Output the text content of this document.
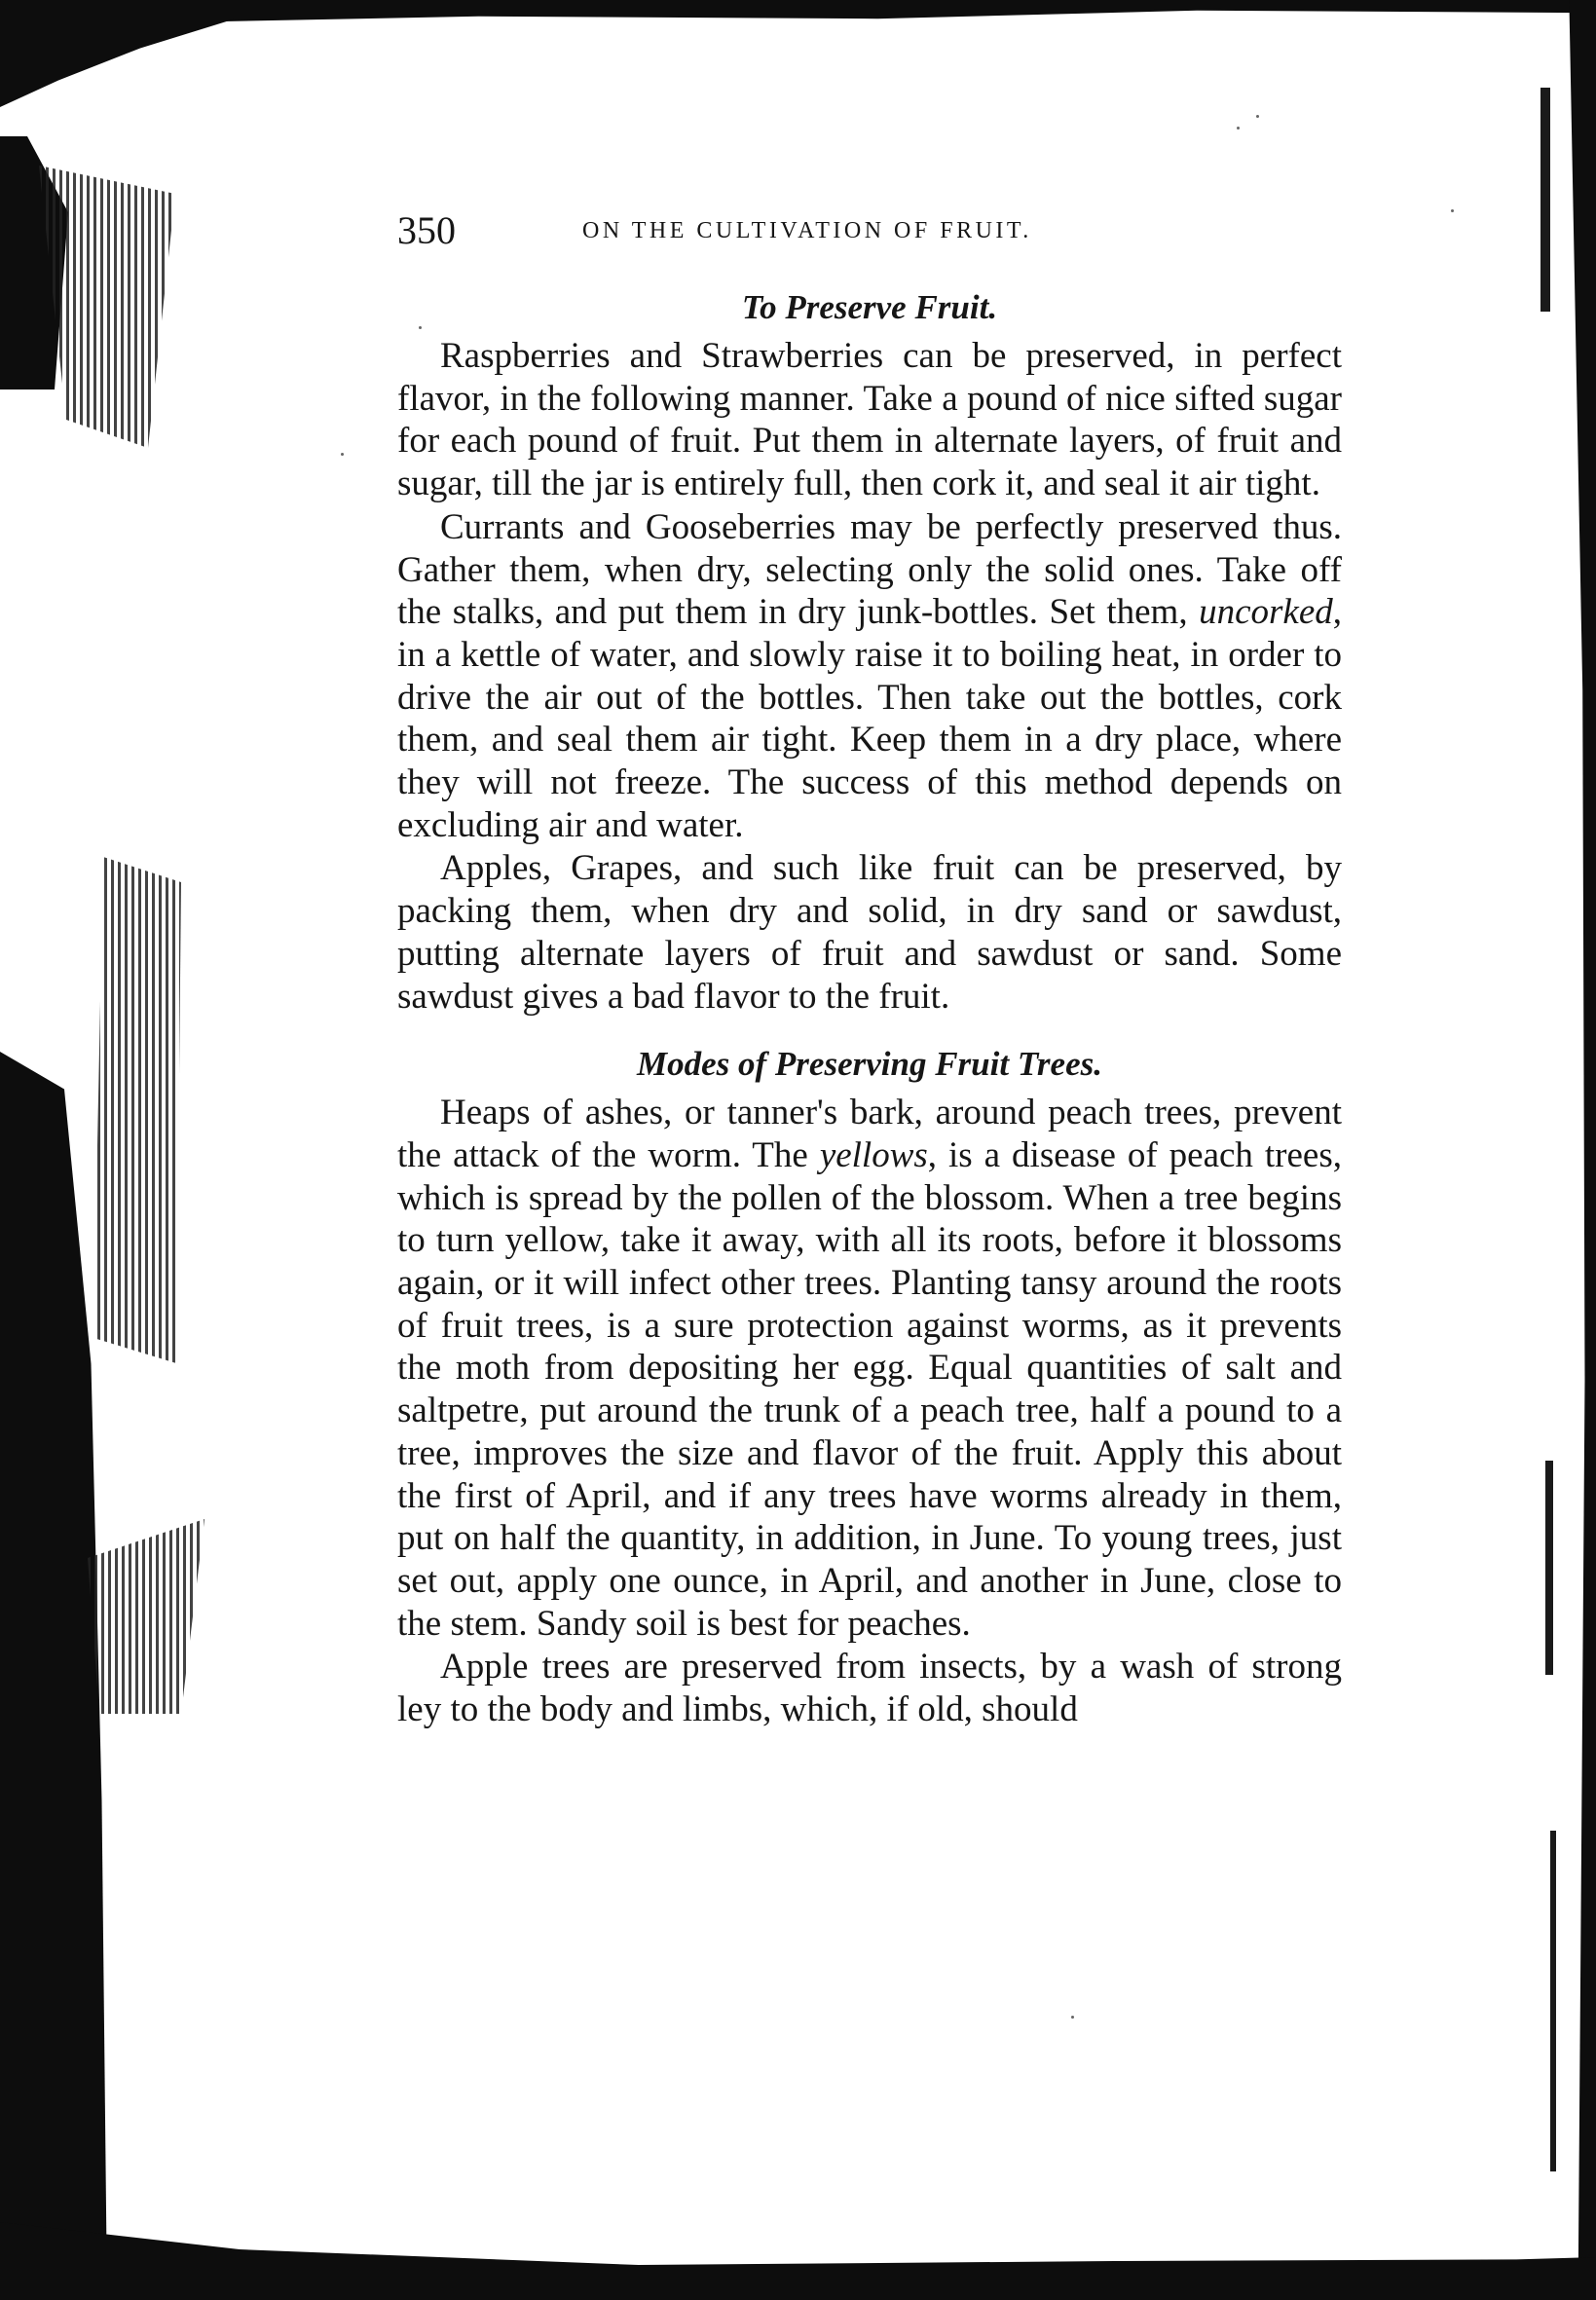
350	ON THE CULTIVATION OF FRUIT.
To Preserve Fruit.

Raspberries and Strawberries can be preserved, in perfect flavor, in the following manner. Take a pound of nice sifted sugar for each pound of fruit. Put them in alternate layers, of fruit and sugar, till the jar is entirely full, then cork it, and seal it air tight.

Currants and Gooseberries may be perfectly preserved thus. Gather them, when dry, selecting only the solid ones. Take off the stalks, and put them in dry junk-bottles. Set them, uncorked, in a kettle of water, and slowly raise it to boiling heat, in order to drive the air out of the bottles. Then take out the bottles, cork them, and seal them air tight. Keep them in a dry place, where they will not freeze. The success of this method depends on excluding air and water.

Apples, Grapes, and such like fruit can be preserved, by packing them, when dry and solid, in dry sand or sawdust, putting alternate layers of fruit and sawdust or sand. Some sawdust gives a bad flavor to the fruit.

Modes of Preserving Fruit Trees.

Heaps of ashes, or tanner's bark, around peach trees, prevent the attack of the worm. The yellows, is a disease of peach trees, which is spread by the pollen of the blossom. When a tree begins to turn yellow, take it away, with all its roots, before it blossoms again, or it will infect other trees. Planting tansy around the roots of fruit trees, is a sure protection against worms, as it prevents the moth from depositing her egg. Equal quantities of salt and saltpetre, put around the trunk of a peach tree, half a pound to a tree, improves the size and flavor of the fruit. Apply this about the first of April, and if any trees have worms already in them, put on half the quantity, in addition, in June. To young trees, just set out, apply one ounce, in April, and another in June, close to the stem. Sandy soil is best for peaches.

Apple trees are preserved from insects, by a wash of strong ley to the body and limbs, which, if old, should
